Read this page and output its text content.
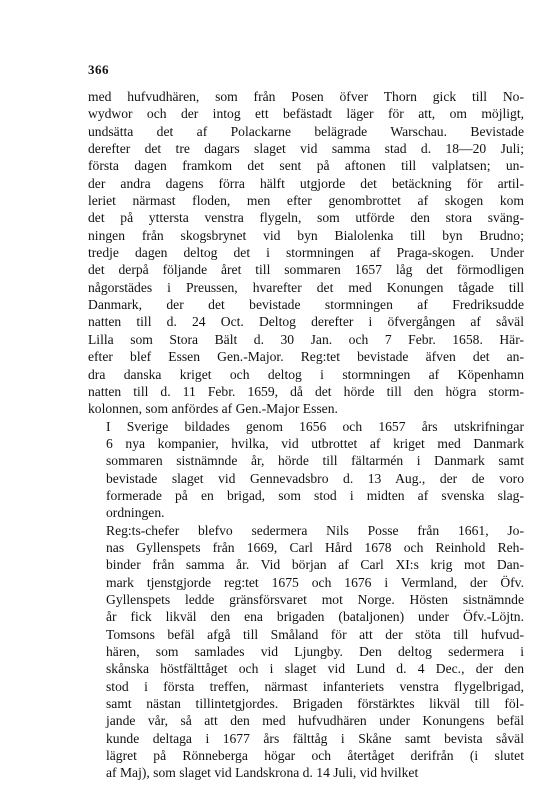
366
med hufvudhären, som från Posen öfver Thorn gick till No-
wydwor och der intog ett befästadt läger för att, om möjligt,
undsätta det af Polackarne belägrade Warschau. Bevistade
derefter det tre dagars slaget vid samma stad d. 18—20 Juli;
första dagen framkom det sent på aftonen till valplatsen; un-
der andra dagens förra hälft utgjorde det betäckning för artil-
leriet närmast floden, men efter genombrottet af skogen kom
det på yttersta venstra flygeln, som utförde den stora sväng-
ningen från skogsbrynet vid byn Bialolenka till byn Brudno;
tredje dagen deltog det i stormningen af Praga-skogen. Under
det derpå följande året till sommaren 1657 låg det förmodligen
någorstädes i Preussen, hvarefter det med Konungen tågade till
Danmark, der det bevistade stormningen af Fredriksudde
natten till d. 24 Oct. Deltog derefter i öfvergången af såväl
Lilla som Stora Bält d. 30 Jan. och 7 Febr. 1658. Här-
efter blef Essen Gen.-Major. Reg:tet bevistade äfven det an-
dra danska kriget och deltog i stormningen af Köpenhamn
natten till d. 11 Febr. 1659, då det hörde till den högra storm-
kolonnen, som anfördes af Gen.-Major Essen.
I Sverige bildades genom 1656 och 1657 års utskrifningar
6 nya kompanier, hvilka, vid utbrottet af kriget med Danmark
sommaren sistnämnde år, hörde till fältarmén i Danmark samt
bevistade slaget vid Gennevadsbro d. 13 Aug., der de voro
formerade på en brigad, som stod i midten af svenska slag-
ordningen.
Reg:ts-chefer blefvo sedermera Nils Posse från 1661, Jo-
nas Gyllenspets från 1669, Carl Hård 1678 och Reinhold Reh-
binder från samma år. Vid början af Carl XI:s krig mot Dan-
mark tjenstgjorde reg:tet 1675 och 1676 i Vermland, der Öfv.
Gyllenspets ledde gränsförsvaret mot Norge. Hösten sistnämnde
år fick likväl den ena brigaden (bataljonen) under Öfv.-Löjtn.
Tomsons befäl afgå till Småland för att der stöta till hufvud-
hären, som samlades vid Ljungby. Den deltog sedermera i
skånska höstfälttåget och i slaget vid Lund d. 4 Dec., der den
stod i första treffen, närmast infanteriets venstra flygelbrigad,
samt nästan tillintetgjordes. Brigaden förstärktes likväl till föl-
jande vår, så att den med hufvudhären under Konungens befäl
kunde deltaga i 1677 års fälttåg i Skåne samt bevista såväl
lägret på Rönneberga högar och återtåget derifrån (i slutet
af Maj), som slaget vid Landskrona d. 14 Juli, vid hvilket
